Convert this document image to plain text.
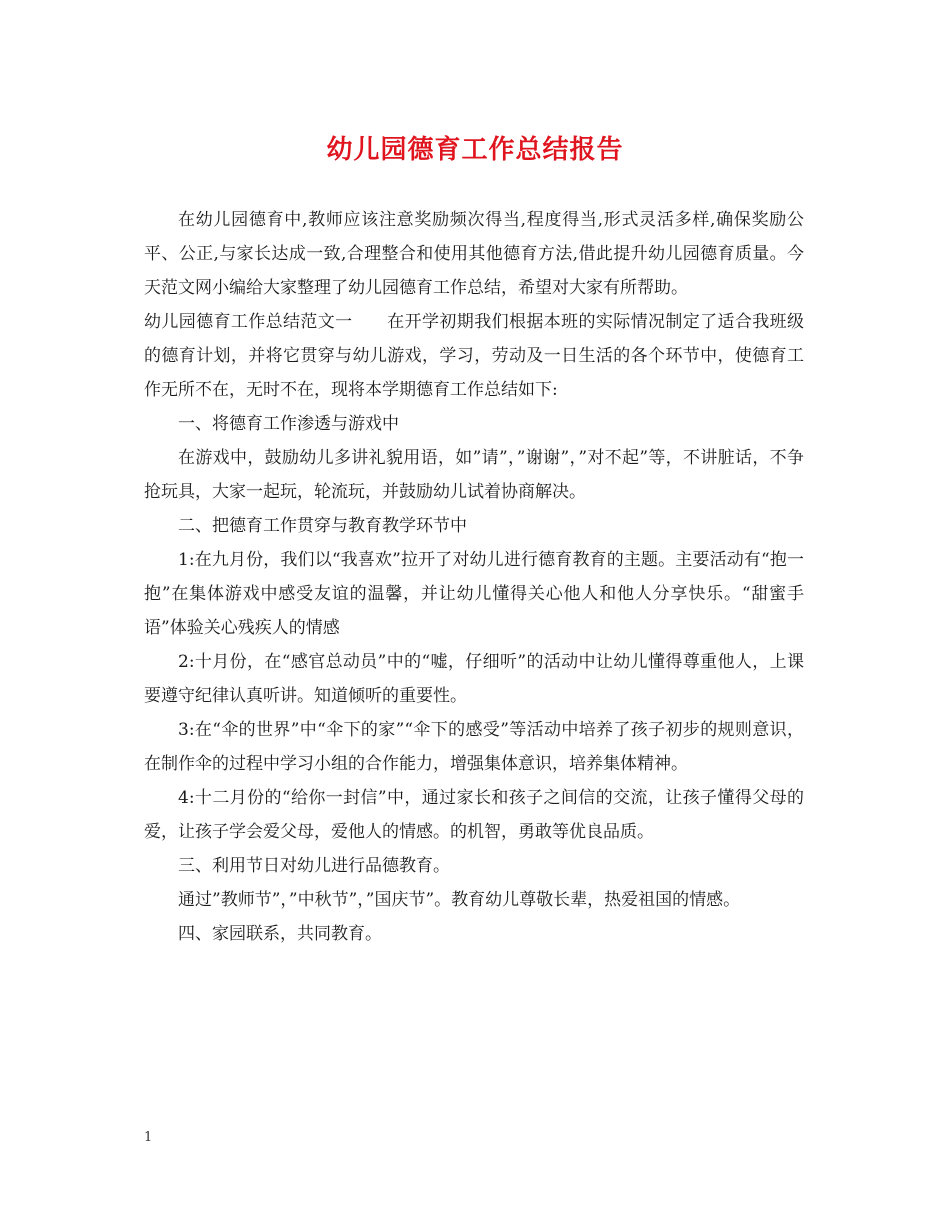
幼儿园德育工作总结报告

在幼儿园德育中,教师应该注意奖励频次得当,程度得当,形式灵活多样,确保奖励公平、公正,与家长达成一致,合理整合和使用其他德育方法,借此提升幼儿园德育质量。今天范文网小编给大家整理了幼儿园德育工作总结，希望对大家有所帮助。

幼儿园德育工作总结范文一　　在开学初期我们根据本班的实际情况制定了适合我班级的德育计划，并将它贯穿与幼儿游戏，学习，劳动及一日生活的各个环节中，使德育工作无所不在，无时不在，现将本学期德育工作总结如下:

一、将德育工作渗透与游戏中

在游戏中，鼓励幼儿多讲礼貌用语，如”请”，”谢谢”，”对不起”等，不讲脏话，不争抢玩具，大家一起玩，轮流玩，并鼓励幼儿试着协商解决。

二、把德育工作贯穿与教育教学环节中

1:在九月份，我们以“我喜欢”拉开了对幼儿进行德育教育的主题。主要活动有“抱一抱”在集体游戏中感受友谊的温馨，并让幼儿懂得关心他人和他人分享快乐。“甜蜜手语”体验关心残疾人的情感

2:十月份，在“感官总动员”中的“嘘，仔细听”的活动中让幼儿懂得尊重他人，上课要遵守纪律认真听讲。知道倾听的重要性。

3:在“伞的世界”中“伞下的家”“伞下的感受”等活动中培养了孩子初步的规则意识，在制作伞的过程中学习小组的合作能力，增强集体意识，培养集体精神。

4:十二月份的“给你一封信”中，通过家长和孩子之间信的交流，让孩子懂得父母的爱，让孩子学会爱父母，爱他人的情感。的机智，勇敢等优良品质。

三、利用节日对幼儿进行品德教育。

通过”教师节”，”中秋节”，”国庆节”。教育幼儿尊敬长辈，热爱祖国的情感。

四、家园联系，共同教育。

1
